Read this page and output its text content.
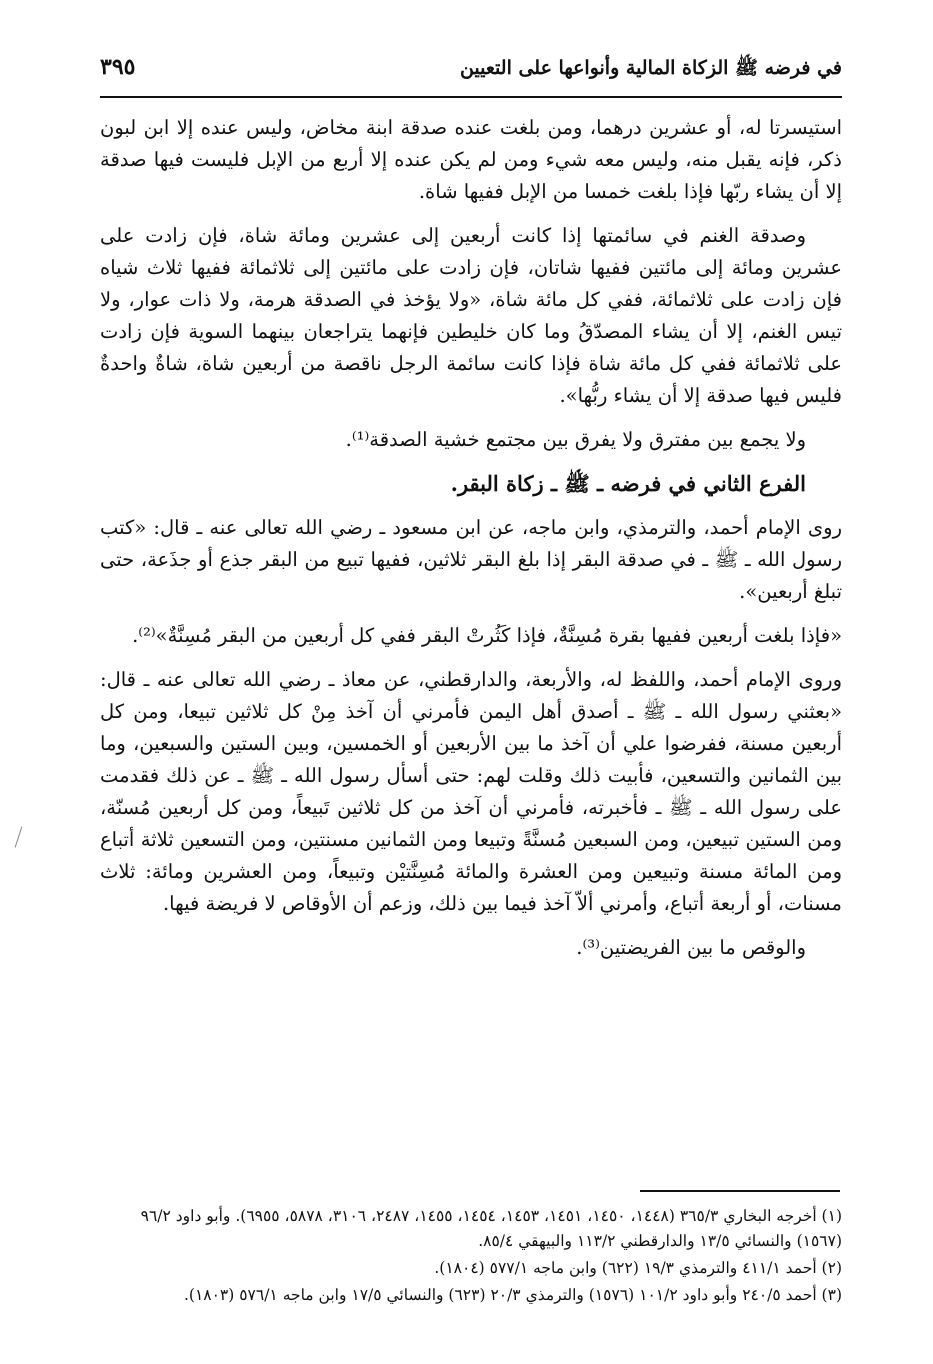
في فرضه ﷺ الزكاة المالية وأنواعها على التعيين
٣٩٥

استيسرتا له، أو عشرين درهما، ومن بلغت عنده صدقة ابنة مخاض، وليس عنده إلا ابن لبون ذكر، فإنه يقبل منه، وليس معه شيء ومن لم يكن عنده إلا أربع من الإبل فليست فيها صدقة إلا أن يشاء ربّها فإذا بلغت خمسا من الإبل ففيها شاة.

وصدقة الغنم في سائمتها إذا كانت أربعين إلى عشرين ومائة شاة، فإن زادت على عشرين ومائة إلى مائتين ففيها شاتان، فإن زادت على مائتين إلى ثلاثمائة ففيها ثلاث شياه فإن زادت على ثلاثمائة، ففي كل مائة شاة، «ولا يؤخذ في الصدقة هرمة، ولا ذات عوار، ولا تيس الغنم، إلا أن يشاء المصدّقُ وما كان خليطين فإنهما يتراجعان بينهما السوية فإن زادت على ثلاثمائة ففي كل مائة شاة فإذا كانت سائمة الرجل ناقصة من أربعين شاة، شاةٌ واحدةٌ فليس فيها صدقة إلا أن يشاء ربُّها».

ولا يجمع بين مفترق ولا يفرق بين مجتمع خشية الصدقة⁽¹⁾.

الفرع الثاني في فرضه ـ ﷺ ـ زكاة البقر.

روى الإمام أحمد، والترمذي، وابن ماجه، عن ابن مسعود ـ رضي الله تعالى عنه ـ قال: «كتب رسول الله ـ ﷺ ـ في صدقة البقر إذا بلغ البقر ثلاثين، ففيها تبيع من البقر جذع أو جذَعة، حتى تبلغ أربعين».

«فإذا بلغت أربعين ففيها بقرة مُسِنَّةٌ، فإذا كَثُرتْ البقر ففي كل أربعين من البقر مُسِنَّةٌ»⁽²⁾.

وروى الإمام أحمد، واللفظ له، والأربعة، والدارقطني، عن معاذ ـ رضي الله تعالى عنه ـ قال: «بعثني رسول الله ـ ﷺ ـ أصدق أهل اليمن فأمرني أن آخذ مِنْ كل ثلاثين تبيعا، ومن كل أربعين مسنة، ففرضوا علي أن آخذ ما بين الأربعين أو الخمسين، وبين الستين والسبعين، وما بين الثمانين والتسعين، فأبيت ذلك وقلت لهم: حتى أسأل رسول الله ـ ﷺ ـ عن ذلك فقدمت على رسول الله ـ ﷺ ـ فأخبرته، فأمرني أن آخذ من كل ثلاثين تَبيعاً، ومن كل أربعين مُسنّة، ومن الستين تبيعين، ومن السبعين مُسنَّةً وتبيعا ومن الثمانين مسنتين، ومن التسعين ثلاثة أتباع ومن المائة مسنة وتبيعين ومن العشرة والمائة مُسِنَّتيْن وتبيعاً، ومن العشرين ومائة: ثلاث مسنات، أو أربعة أتباع، وأمرني ألاّ آخذ فيما بين ذلك، وزعم أن الأوقاص لا فريضة فيها.

والوقص ما بين الفريضتين⁽³⁾.

(١) أخرجه البخاري ٣٦٥/٣ (١٤٤٨، ١٤٥٠، ١٤٥١، ١٤٥٣، ١٤٥٤، ١٤٥٥، ٢٤٨٧، ٣١٠٦، ٥٨٧٨، ٦٩٥٥). وأبو داود ٩٦/٢ (١٥٦٧) والنسائي ١٣/٥ والدارقطني ١١٣/٢ والبيهقي ٨٥/٤.

(٢) أحمد ٤١١/١ والترمذي ١٩/٣ (٦٢٢) وابن ماجه ٥٧٧/١ (١٨٠٤).

(٣) أحمد ٢٤٠/٥ وأبو داود ١٠١/٢ (١٥٧٦) والترمذي ٢٠/٣ (٦٢٣) والنسائي ١٧/٥ وابن ماجه ٥٧٦/١ (١٨٠٣).
